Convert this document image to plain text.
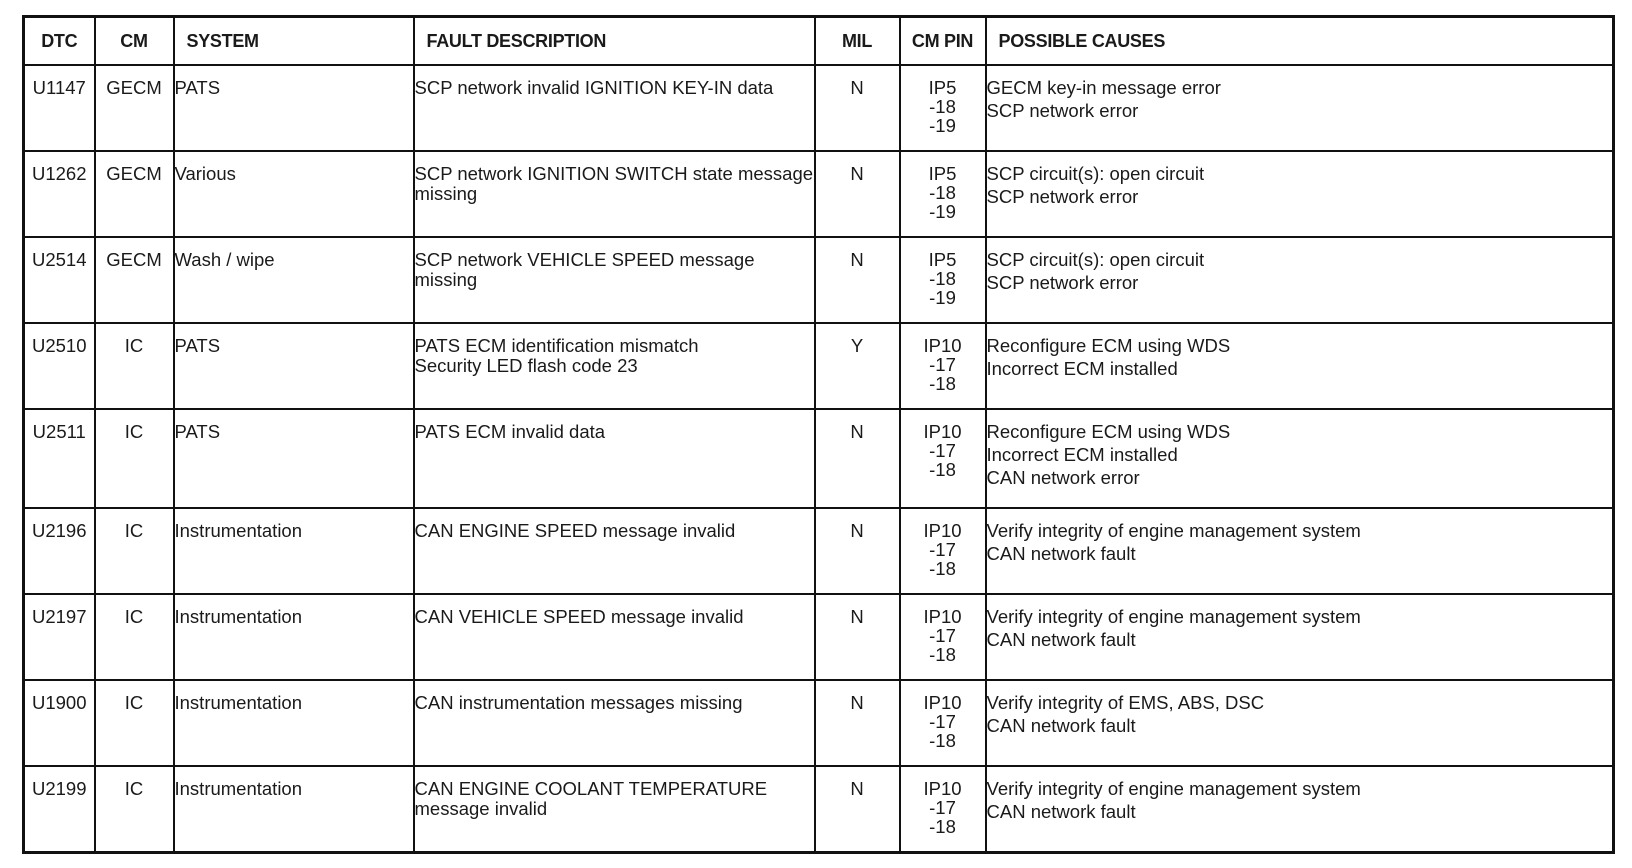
DTC	CM	SYSTEM	FAULT DESCRIPTION	MIL	CM PIN	POSSIBLE CAUSES
U1147	GECM	PATS	SCP network invalid IGNITION KEY-IN data	N	IP5
-18
-19	GECM key-in message error
SCP network error

U1262	GECM	Various	SCP network IGNITION SWITCH state message
missing	N	IP5
-18
-19	SCP circuit(s): open circuit
SCP network error

U2514	GECM	Wash / wipe	SCP network VEHICLE SPEED message missing	N	IP5
-18
-19	SCP circuit(s): open circuit
SCP network error

U2510	IC	PATS	PATS ECM identification mismatch
Security LED flash code 23	Y	IP10
-17
-18	Reconfigure ECM using WDS
Incorrect ECM installed

U2511	IC	PATS	PATS ECM invalid data	N	IP10
-17
-18	Reconfigure ECM using WDS
Incorrect ECM installed
CAN network error

U2196	IC	Instrumentation	CAN ENGINE SPEED message invalid	N	IP10
-17
-18	Verify integrity of engine management system
CAN network fault

U2197	IC	Instrumentation	CAN VEHICLE SPEED message invalid	N	IP10
-17
-18	Verify integrity of engine management system
CAN network fault

U1900	IC	Instrumentation	CAN instrumentation messages missing	N	IP10
-17
-18	Verify integrity of EMS, ABS, DSC
CAN network fault

U2199	IC	Instrumentation	CAN ENGINE COOLANT TEMPERATURE
message invalid	N	IP10
-17
-18	Verify integrity of engine management system
CAN network fault
